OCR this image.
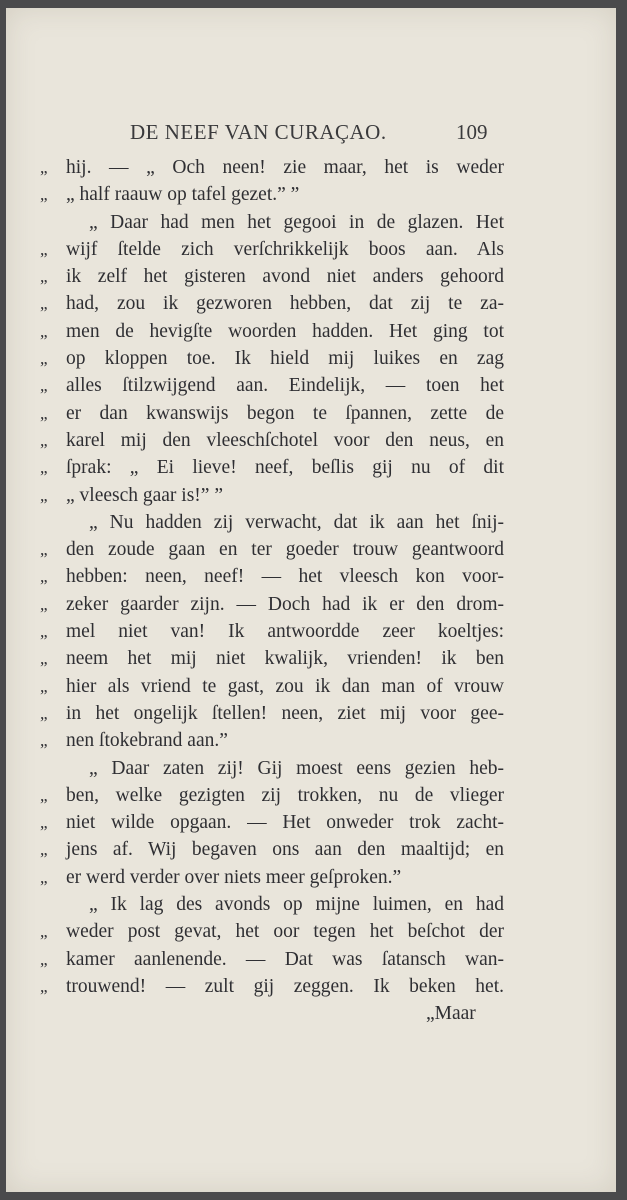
DE NEEF VAN CURAÇAO.	109
„ hij. — „ Och neen! zie maar, het is weder
„ „ half raauw op tafel gezet.” ”
„ Daar had men het gegooi in de glazen. Het
„ wijf ſtelde zich verſchrikkelijk boos aan. Als
„ ik zelf het gisteren avond niet anders gehoord
„ had, zou ik gezworen hebben, dat zij te za-
„ men de hevigſte woorden hadden. Het ging tot
„ op kloppen toe. Ik hield mij luikes en zag
„ alles ſtilzwijgend aan. Eindelijk, — toen het
„ er dan kwanswijs begon te ſpannen, zette de
„ karel mij den vleeschſchotel voor den neus, en
„ ſprak: „ Ei lieve! neef, beſlis gij nu of dit
„ „ vleesch gaar is!” ”
„ Nu hadden zij verwacht, dat ik aan het ſnij-
„ den zoude gaan en ter goeder trouw geantwoord
„ hebben: neen, neef! — het vleesch kon voor-
„ zeker gaarder zijn. — Doch had ik er den drom-
„ mel niet van! Ik antwoordde zeer koeltjes:
„ neem het mij niet kwalijk, vrienden! ik ben
„ hier als vriend te gast, zou ik dan man of vrouw
„ in het ongelijk ſtellen! neen, ziet mij voor gee-
„ nen ſtokebrand aan.”
„ Daar zaten zij! Gij moest eens gezien heb-
„ ben, welke gezigten zij trokken, nu de vlieger
„ niet wilde opgaan. — Het onweder trok zacht-
„ jens af. Wij begaven ons aan den maaltijd; en
„ er werd verder over niets meer geſproken.”
„ Ik lag des avonds op mijne luimen, en had
„ weder post gevat, het oor tegen het beſchot der
„ kamer aanlenende. — Dat was ſatansch wan-
„ trouwend! — zult gij zeggen. Ik beken het.
„Maar
